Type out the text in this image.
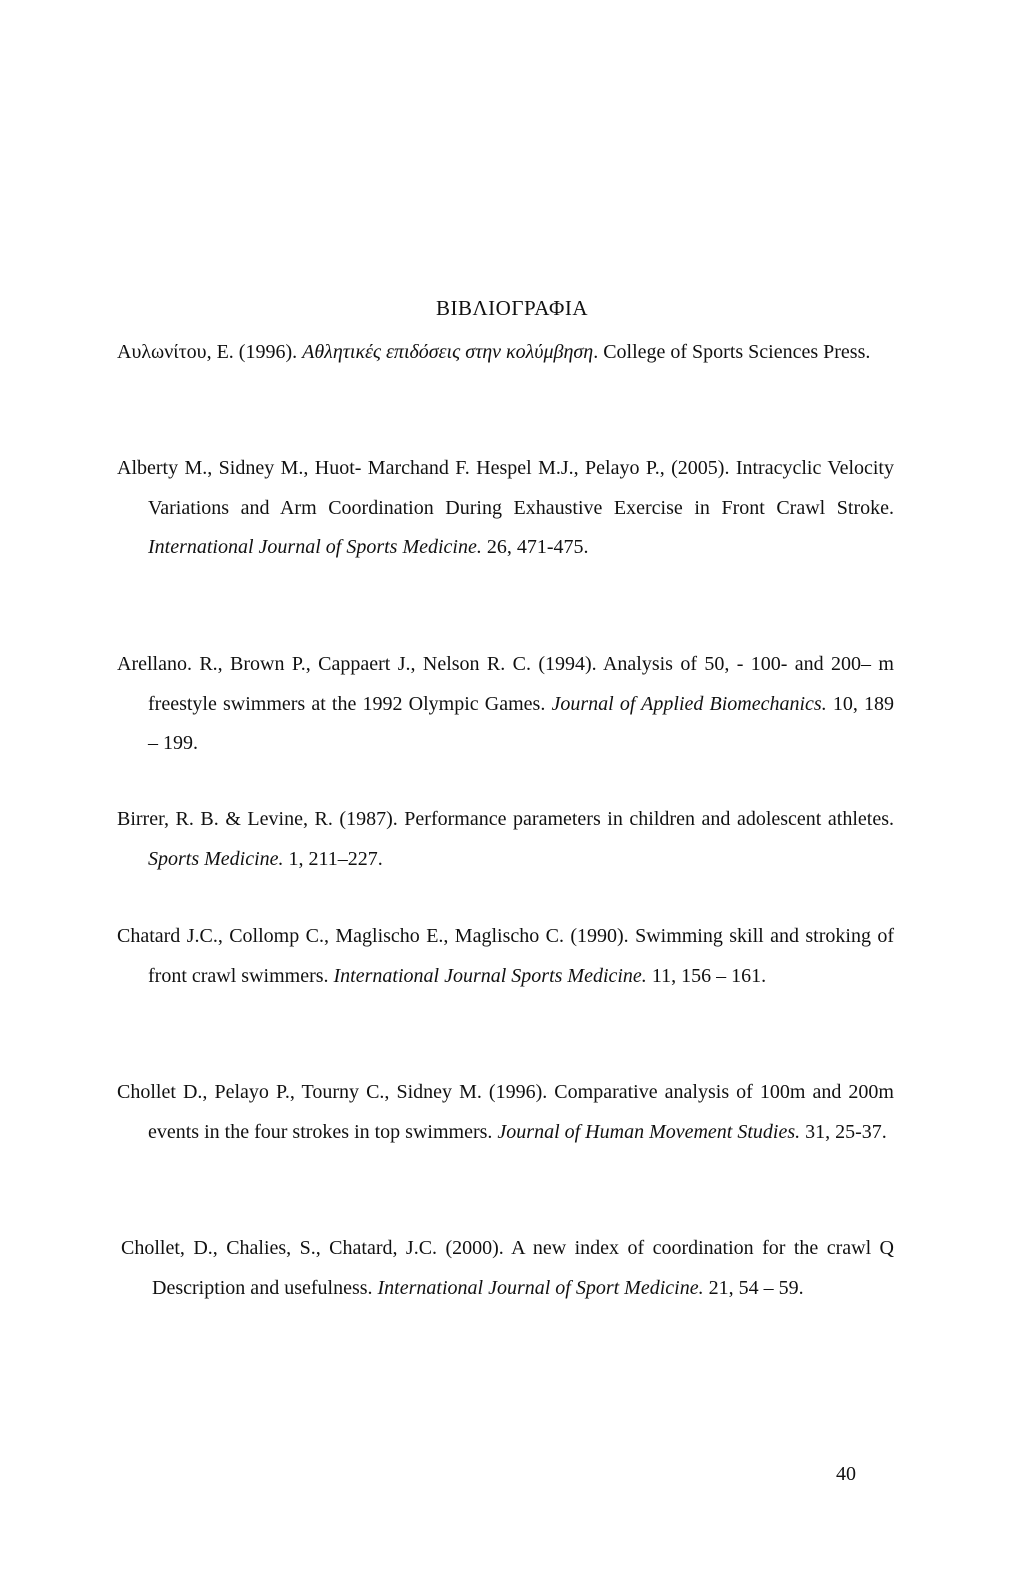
ΒΙΒΛΙΟΓΡΑΦΙΑ

Αυλωνίτου, Ε. (1996). Αθλητικές επιδόσεις στην κολύμβηση. College of Sports Sciences Press.

Alberty M., Sidney M., Huot- Marchand F. Hespel M.J., Pelayo P., (2005). Intracyclic Velocity Variations and Arm Coordination During Exhaustive Exercise in Front Crawl Stroke. International Journal of Sports Medicine. 26, 471-475.

Arellano. R., Brown P., Cappaert J., Nelson R. C. (1994). Analysis of 50, - 100- and 200– m freestyle swimmers at the 1992 Olympic Games. Journal of Applied Biomechanics. 10, 189 – 199.

Birrer, R. B. & Levine, R. (1987). Performance parameters in children and adolescent athletes. Sports Medicine. 1, 211–227.

Chatard J.C., Collomp C., Maglischo E., Maglischo C. (1990). Swimming skill and stroking of front crawl swimmers. International Journal Sports Medicine. 11, 156 – 161.

Chollet D., Pelayo P., Tourny C., Sidney M. (1996). Comparative analysis of 100m and 200m events in the four strokes in top swimmers. Journal of Human Movement Studies. 31, 25-37.

Chollet, D., Chalies, S., Chatard, J.C. (2000). A new index of coordination for the crawl Q Description and usefulness. International Journal of Sport Medicine. 21, 54 – 59.

40
